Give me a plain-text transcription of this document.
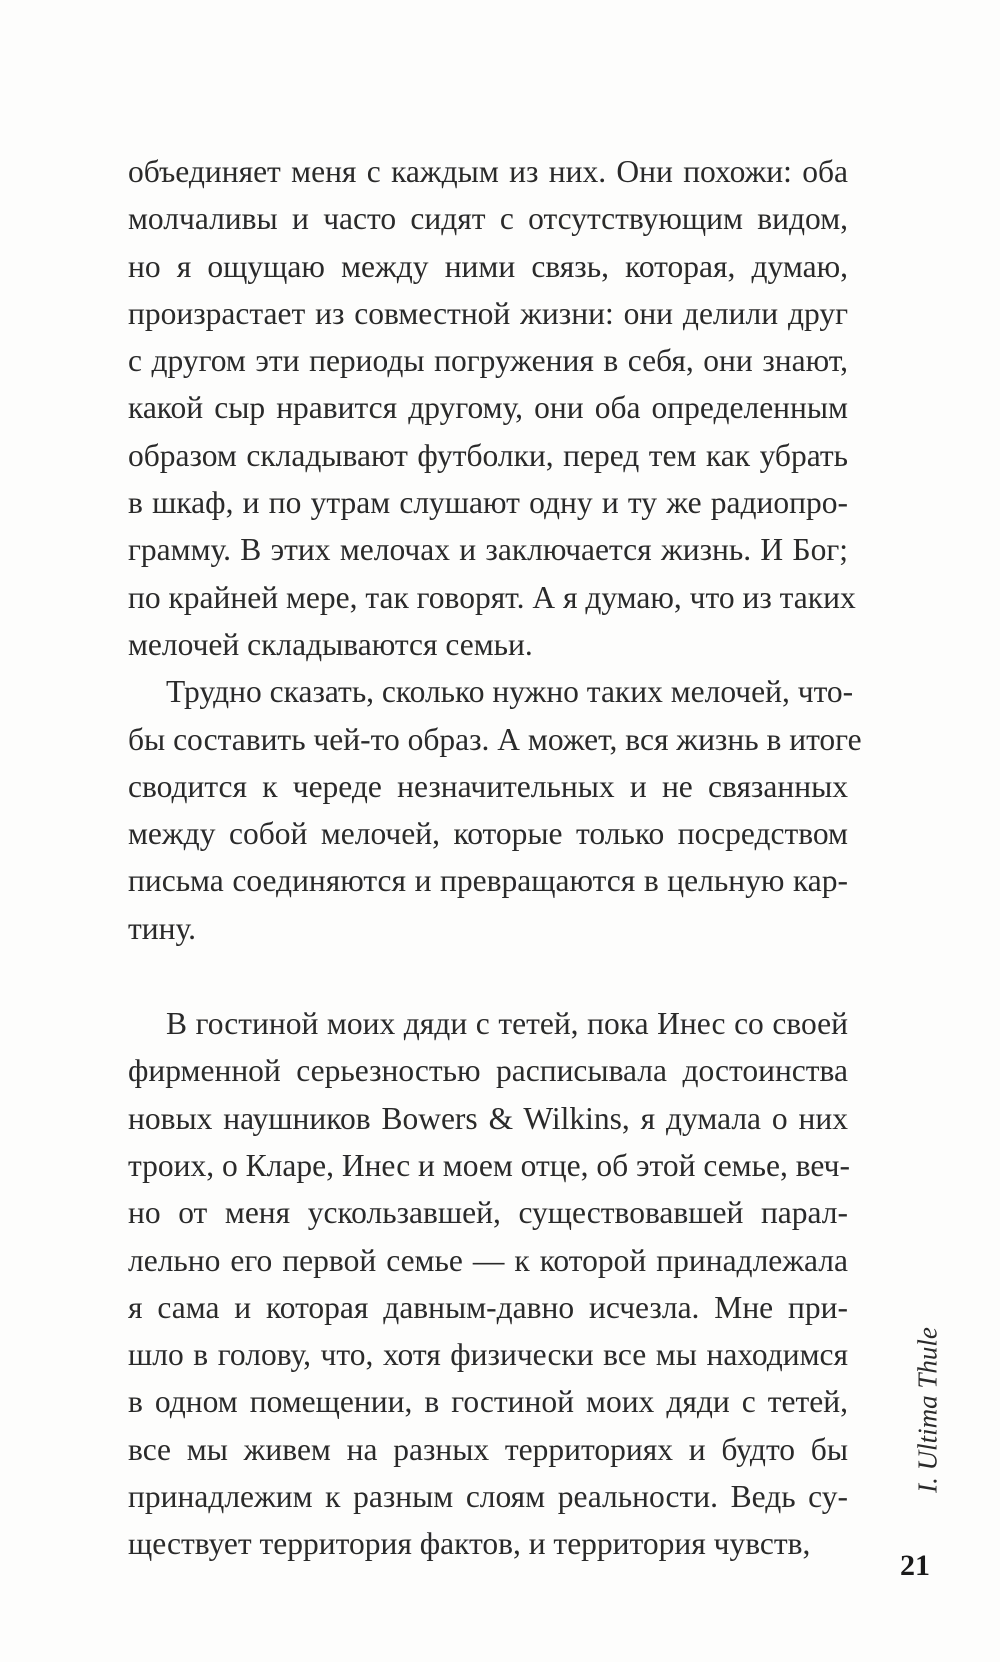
объединяет меня с каждым из них. Они похожи: оба
молчаливы и часто сидят с отсутствующим видом,
но я ощущаю между ними связь, которая, думаю,
произрастает из совместной жизни: они делили друг
с другом эти периоды погружения в себя, они знают,
какой сыр нравится другому, они оба определенным
образом складывают футболки, перед тем как убрать
в шкаф, и по утрам слушают одну и ту же радиопро-
грамму. В этих мелочах и заключается жизнь. И Бог;
по крайней мере, так говорят. А я думаю, что из таких
мелочей складываются семьи.
Трудно сказать, сколько нужно таких мелочей, что-
бы составить чей-то образ. А может, вся жизнь в итоге
сводится к череде незначительных и не связанных
между собой мелочей, которые только посредством
письма соединяются и превращаются в цельную кар-
тину.
В гостиной моих дяди с тетей, пока Инес со своей
фирменной серьезностью расписывала достоинства
новых наушников Bowers & Wilkins, я думала о них
троих, о Кларе, Инес и моем отце, об этой семье, веч-
но от меня ускользавшей, существовавшей парал-
лельно его первой семье — к которой принадлежала
я сама и которая давным-давно исчезла. Мне при-
шло в голову, что, хотя физически все мы находимся
в одном помещении, в гостиной моих дяди с тетей,
все мы живем на разных территориях и будто бы
принадлежим к разным слоям реальности. Ведь су-
ществует территория фактов, и территория чувств,
I. Ultima Thule
21
